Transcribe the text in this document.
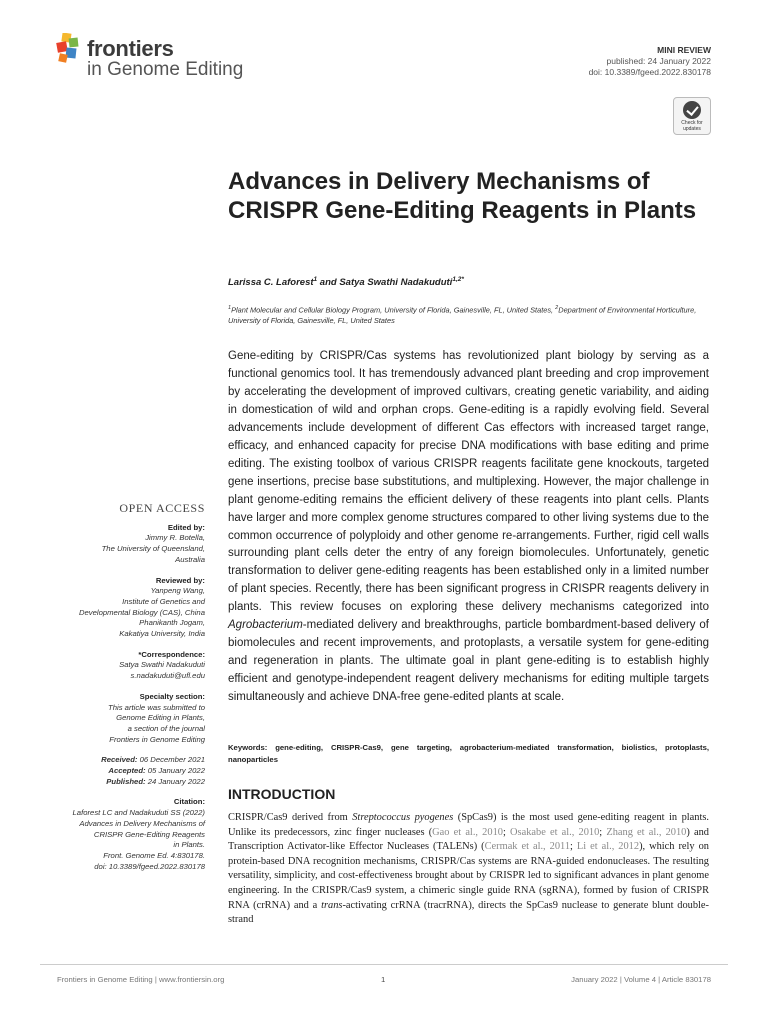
frontiers
in Genome Editing
MINI REVIEW
published: 24 January 2022
doi: 10.3389/fgeed.2022.830178
Check for updates
Advances in Delivery Mechanisms of CRISPR Gene-Editing Reagents in Plants
Larissa C. Laforest$^1$ and Satya Swathi Nadakuduti$^{1,2*}$
$^1$Plant Molecular and Cellular Biology Program, University of Florida, Gainesville, FL, United States, $^2$Department of Environmental Horticulture, University of Florida, Gainesville, FL, United States
Gene-editing by CRISPR/Cas systems has revolutionized plant biology by serving as a functional genomics tool. It has tremendously advanced plant breeding and crop improvement by accelerating the development of improved cultivars, creating genetic variability, and aiding in domestication of wild and orphan crops. Gene-editing is a rapidly evolving field. Several advancements include development of different Cas effectors with increased target range, efficacy, and enhanced capacity for precise DNA modifications with base editing and prime editing. The existing toolbox of various CRISPR reagents facilitate gene knockouts, targeted gene insertions, precise base substitutions, and multiplexing. However, the major challenge in plant genome-editing remains the efficient delivery of these reagents into plant cells. Plants have larger and more complex genome structures compared to other living systems due to the common occurrence of polyploidy and other genome re-arrangements. Further, rigid cell walls surrounding plant cells deter the entry of any foreign biomolecules. Unfortunately, genetic transformation to deliver gene-editing reagents has been established only in a limited number of plant species. Recently, there has been significant progress in CRISPR reagents delivery in plants. This review focuses on exploring these delivery mechanisms categorized into Agrobacterium-mediated delivery and breakthroughs, particle bombardment-based delivery of biomolecules and recent improvements, and protoplasts, a versatile system for gene-editing and regeneration in plants. The ultimate goal in plant gene-editing is to establish highly efficient and genotype-independent reagent delivery mechanisms for editing multiple targets simultaneously and achieve DNA-free gene-edited plants at scale.
Keywords: gene-editing, CRISPR-Cas9, gene targeting, agrobacterium-mediated transformation, biolistics, protoplasts, nanoparticles
INTRODUCTION
CRISPR/Cas9 derived from Streptococcus pyogenes (SpCas9) is the most used gene-editing reagent in plants. Unlike its predecessors, zinc finger nucleases (Gao et al., 2010; Osakabe et al., 2010; Zhang et al., 2010) and Transcription Activator-like Effector Nucleases (TALENs) (Cermak et al., 2011; Li et al., 2012), which rely on protein-based DNA recognition mechanisms, CRISPR/Cas systems are RNA-guided endonucleases. The resulting versatility, simplicity, and cost-effectiveness brought about by CRISPR led to significant advances in plant genome engineering. In the CRISPR/Cas9 system, a chimeric single guide RNA (sgRNA), formed by fusion of CRISPR RNA (crRNA) and a trans-activating crRNA (tracrRNA), directs the SpCas9 nuclease to generate blunt double-strand
OPEN ACCESS
Edited by:
Jimmy R. Botella,
The University of Queensland,
Australia
Reviewed by:
Yanpeng Wang,
Institute of Genetics and
Developmental Biology (CAS), China
Phanikanth Jogam,
Kakatiya University, India
*Correspondence:
Satya Swathi Nadakuduti
s.nadakuduti@ufl.edu
Specialty section:
This article was submitted to
Genome Editing in Plants,
a section of the journal
Frontiers in Genome Editing
Received: 06 December 2021
Accepted: 05 January 2022
Published: 24 January 2022
Citation:
Laforest LC and Nadakuduti SS (2022)
Advances in Delivery Mechanisms of
CRISPR Gene-Editing Reagents
in Plants.
Front. Genome Ed. 4:830178.
doi: 10.3389/fgeed.2022.830178
Frontiers in Genome Editing | www.frontiersin.org	1	January 2022 | Volume 4 | Article 830178
